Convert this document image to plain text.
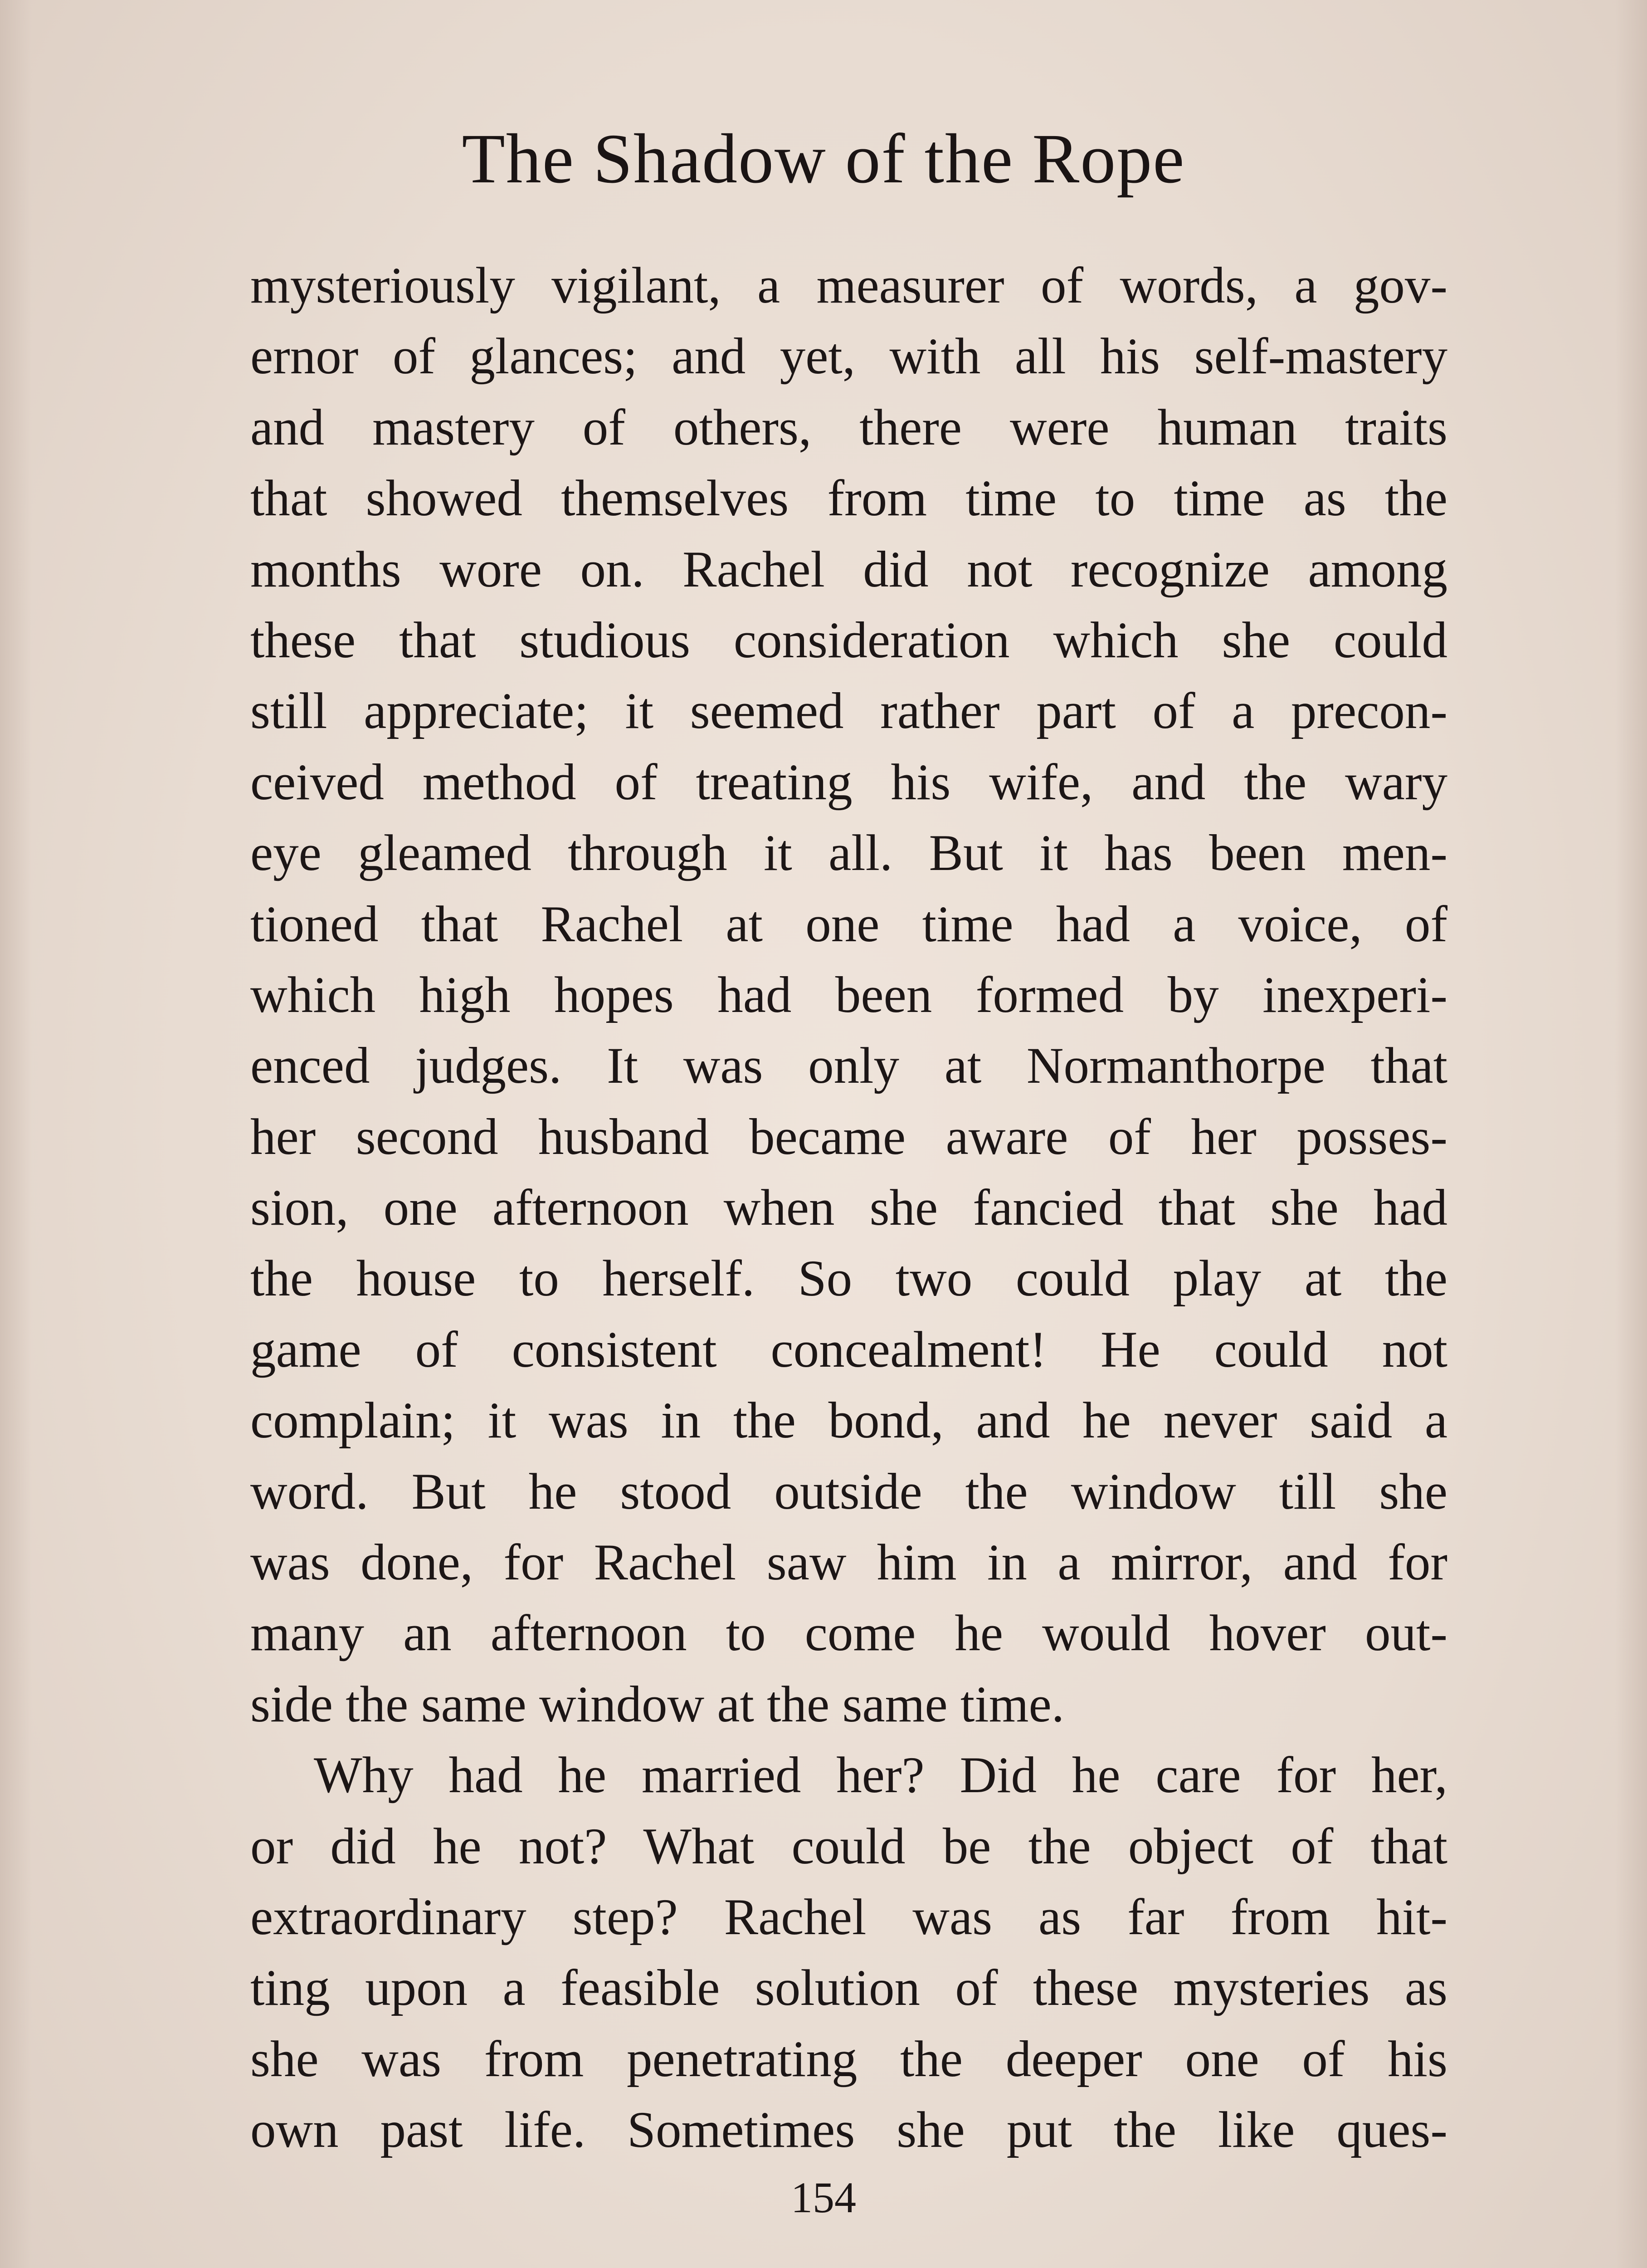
The Shadow of the Rope
mysteriously vigilant, a measurer of words, a gov-
ernor of glances; and yet, with all his self-mastery
and mastery of others, there were human traits
that showed themselves from time to time as the
months wore on. Rachel did not recognize among
these that studious consideration which she could
still appreciate; it seemed rather part of a precon-
ceived method of treating his wife, and the wary
eye gleamed through it all. But it has been men-
tioned that Rachel at one time had a voice, of
which high hopes had been formed by inexperi-
enced judges. It was only at Normanthorpe that
her second husband became aware of her posses-
sion, one afternoon when she fancied that she had
the house to herself. So two could play at the
game of consistent concealment! He could not
complain; it was in the bond, and he never said a
word. But he stood outside the window till she
was done, for Rachel saw him in a mirror, and for
many an afternoon to come he would hover out-
side the same window at the same time.
Why had he married her? Did he care for her,
or did he not? What could be the object of that
extraordinary step? Rachel was as far from hit-
ting upon a feasible solution of these mysteries as
she was from penetrating the deeper one of his
own past life. Sometimes she put the like ques-
154
